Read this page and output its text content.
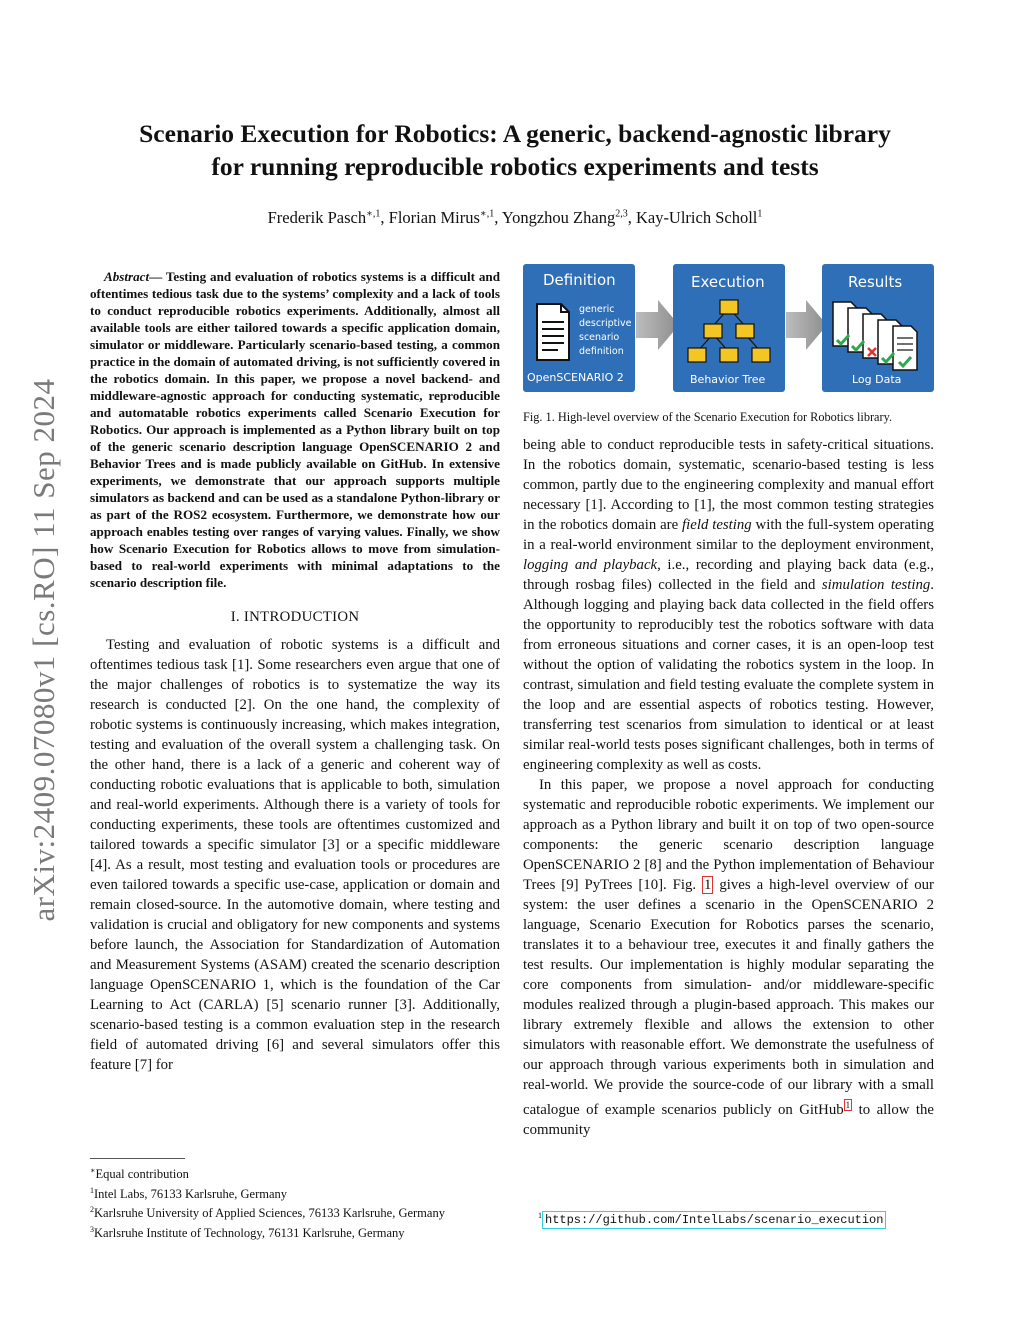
arXiv:2409.07080v1 [cs.RO] 11 Sep 2024
Scenario Execution for Robotics: A generic, backend-agnostic library
for running reproducible robotics experiments and tests
Frederik Pasch$^{∗,1}$, Florian Mirus$^{∗,1}$, Yongzhou Zhang$^{2,3}$, Kay-Ulrich Scholl$^1$

Abstract— Testing and evaluation of robotics systems is a difficult and oftentimes tedious task due to the systems’ complexity and a lack of tools to conduct reproducible robotics experiments. Additionally, almost all available tools are either tailored towards a specific application domain, simulator or middleware. Particularly scenario-based testing, a common practice in the domain of automated driving, is not sufficiently covered in the robotics domain. In this paper, we propose a novel backend- and middleware-agnostic approach for conducting systematic, reproducible and automatable robotics experiments called Scenario Execution for Robotics. Our approach is implemented as a Python library built on top of the generic scenario description language OpenSCENARIO 2 and Behavior Trees and is made publicly available on GitHub. In extensive experiments, we demonstrate that our approach supports multiple simulators as backend and can be used as a standalone Python-library or as part of the ROS2 ecosystem. Furthermore, we demonstrate how our approach enables testing over ranges of varying values. Finally, we show how Scenario Execution for Robotics allows to move from simulation-based to real-world experiments with minimal adaptations to the scenario description file.

I. INTRODUCTION

Testing and evaluation of robotic systems is a difficult and oftentimes tedious task [1]. Some researchers even argue that one of the major challenges of robotics is to systematize the way its research is conducted [2]. On the one hand, the complexity of robotic systems is continuously increasing, which makes integration, testing and evaluation of the overall system a challenging task. On the other hand, there is a lack of a generic and coherent way of conducting robotic evaluations that is applicable to both, simulation and real-world experiments. Although there is a variety of tools for conducting experiments, these tools are oftentimes customized and tailored towards a specific simulator [3] or a specific middleware [4]. As a result, most testing and evaluation tools or procedures are even tailored towards a specific use-case, application or domain and remain closed-source. In the automotive domain, where testing and validation is crucial and obligatory for new components and systems before launch, the Association for Standardization of Automation and Measurement Systems (ASAM) created the scenario description language OpenSCENARIO 1, which is the foundation of the Car Learning to Act (CARLA) [5] scenario runner [3]. Additionally, scenario-based testing is a common evaluation step in the research field of automated driving [6] and several simulators offer this feature [7] for

Definition
generic
descriptive
scenario
definition
OpenSCENARIO 2
Execution
Behavior Tree
Results
Log Data
Fig. 1. High-level overview of the Scenario Execution for Robotics library.

being able to conduct reproducible tests in safety-critical situations. In the robotics domain, systematic, scenario-based testing is less common, partly due to the engineering complexity and manual effort necessary [1]. According to [1], the most common testing strategies in the robotics domain are field testing with the full-system operating in a real-world environment similar to the deployment environment, logging and playback, i.e., recording and playing back data (e.g., through rosbag files) collected in the field and simulation testing. Although logging and playing back data collected in the field offers the opportunity to reproducibly test the robotics software with data from erroneous situations and corner cases, it is an open-loop test without the option of validating the robotics system in the loop. In contrast, simulation and field testing evaluate the complete system in the loop and are essential aspects of robotics testing. However, transferring test scenarios from simulation to identical or at least similar real-world tests poses significant challenges, both in terms of engineering complexity as well as costs.

In this paper, we propose a novel approach for conducting systematic and reproducible robotic experiments. We implement our approach as a Python library and built it on top of two open-source components: the generic scenario description language OpenSCENARIO 2 [8] and the Python implementation of Behaviour Trees [9] PyTrees [10]. Fig. 1 gives a high-level overview of our system: the user defines a scenario in the OpenSCENARIO 2 language, Scenario Execution for Robotics parses the scenario, translates it to a behaviour tree, executes it and finally gathers the test results. Our implementation is highly modular separating the core components from simulation- and/or middleware-specific modules realized through a plugin-based approach. This makes our library extremely flexible and allows the extension to other simulators with reasonable effort. We demonstrate the usefulness of our approach through various experiments both in simulation and real-world. We provide the source-code of our library with a small catalogue of example scenarios publicly on GitHub $^1$ to allow the community

∗Equal contribution
$^1$Intel Labs, 76133 Karlsruhe, Germany
$^2$Karlsruhe University of Applied Sciences, 76133 Karlsruhe, Germany
$^3$Karlsruhe Institute of Technology, 76131 Karlsruhe, Germany
$^1$ https://github.com/IntelLabs/scenario_execution
